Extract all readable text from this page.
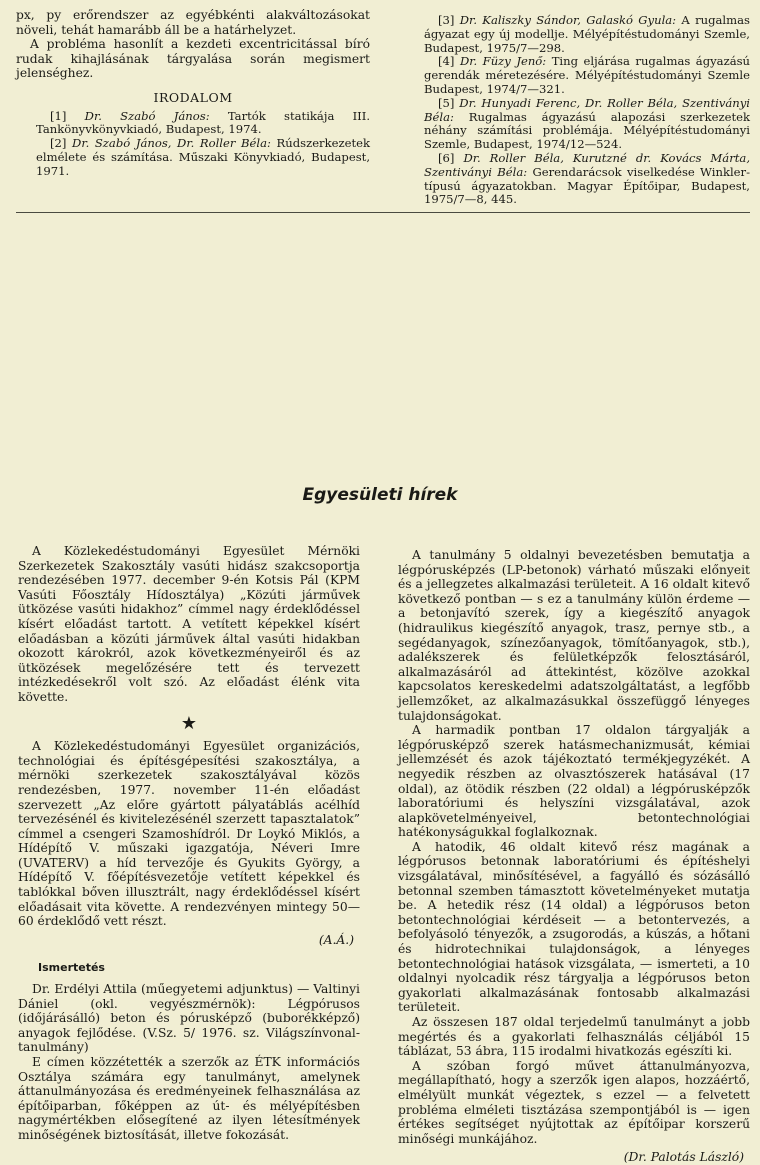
px, py erőrendszer az egyébkénti alakváltozásokat növeli, tehát hamarább áll be a határhelyzet.

A probléma hasonlít a kezdeti excentricitással bíró rudak kihajlásának tárgyalása során megismert jelenséghez.

IRODALOM

[1] Dr. Szabó János: Tartók statikája III. Tankönyvkönyvkiadó, Budapest, 1974.

[2] Dr. Szabó János, Dr. Roller Béla: Rúdszerkezetek elmélete és számítása. Műszaki Könyvkiadó, Budapest, 1971.

[3] Dr. Kaliszky Sándor, Galaskó Gyula: A rugalmas ágyazat egy új modellje. Mélyépítéstudományi Szemle, Budapest, 1975/7—298.

[4] Dr. Füzy Jenő: Ting eljárása rugalmas ágyazású gerendák méretezésére. Mélyépítéstudományi Szemle Budapest, 1974/7—321.

[5] Dr. Hunyadi Ferenc, Dr. Roller Béla, Szentiványi Béla: Rugalmas ágyazású alapozási szerkezetek néhány számítási problémája. Mélyépítéstudományi Szemle, Budapest, 1974/12—524.

[6] Dr. Roller Béla, Kurutzné dr. Kovács Márta, Szentiványi Béla: Gerendarácsok viselkedése Winkler-típusú ágyazatokban. Magyar Építőipar, Budapest, 1975/7—8, 445.

Egyesületi hírek

A Közlekedéstudományi Egyesület Mérnöki Szerkezetek Szakosztály vasúti hidász szakcsoportja rendezésében 1977. december 9-én Kotsis Pál (KPM Vasúti Főosztály Hídosztálya) „Közúti járművek ütközése vasúti hidakhoz” címmel nagy érdeklődéssel kísért előadást tartott. A vetített képekkel kísért előadásban a közúti járművek által vasúti hidakban okozott károkról, azok következményeiről és az ütközések megelőzésére tett és tervezett intézkedésekről volt szó. Az előadást élénk vita követte.

★

A Közlekedéstudományi Egyesület organizációs, technológiai és építésgépesítési szakosztálya, a mérnöki szerkezetek szakosztályával közös rendezésben, 1977. november 11-én előadást szervezett „Az előre gyártott pályatáblás acélhíd tervezésénél és kivitelezésénél szerzett tapasztalatok” címmel a csengeri Szamoshídról. Dr Loykó Miklós, a Hídépítő V. műszaki igazgatója, Néveri Imre (UVATERV) a híd tervezője és Gyukits György, a Hídépítő V. főépítésvezetője vetített képekkel és tablókkal bőven illusztrált, nagy érdeklődéssel kísért előadásait vita követte. A rendezvényen mintegy 50—60 érdeklődő vett részt.

(A.Á.)
Ismertetés

Dr. Erdélyi Attila (műegyetemi adjunktus) — Valtinyi Dániel (okl. vegyészmérnök): Légpórusos (időjárásálló) beton és pórusképző (buborékképző) anyagok fejlődése. (V.Sz. 5/ 1976. sz. Világszínvonal-tanulmány)

E címen közzétették a szerzők az ÉTK információs Osztálya számára egy tanulmányt, amelynek áttanulmányozása és eredményeinek felhasználása az építőiparban, főképpen az út- és mélyépítésben nagymértékben elősegítené az ilyen létesítmények minőségének biztosítását, illetve fokozását.

A tanulmány 5 oldalnyi bevezetésben bemutatja a légpórusképzés (LP-betonok) várható műszaki előnyeit és a jellegzetes alkalmazási területeit. A 16 oldalt kitevő következő pontban — s ez a tanulmány külön érdeme — a betonjavító szerek, így a kiegészítő anyagok (hidraulikus kiegészítő anyagok, trasz, pernye stb., a segédanyagok, színezőanyagok, tömítőanyagok, stb.), adalékszerek és felületképzők felosztásáról, alkalmazásáról ad áttekintést, közölve azokkal kapcsolatos kereskedelmi adatszolgáltatást, a legfőbb jellemzőket, az alkalmazásukkal összefüggő lényeges tulajdonságokat.

A harmadik pontban 17 oldalon tárgyalják a légpórusképző szerek hatásmechanizmusát, kémiai jellemzését és azok tájékoztató termékjegyzékét. A negyedik részben az olvasztószerek hatásával (17 oldal), az ötödik részben (22 oldal) a légpórusképzők laboratóriumi és helyszíni vizsgálatával, azok alapkövetelményeivel, betontechnológiai hatékonyságukkal foglalkoznak.

A hatodik, 46 oldalt kitevő rész magának a légpórusos betonnak laboratóriumi és építéshelyi vizsgálatával, minősítésével, a fagyálló és sózásálló betonnal szemben támasztott követelményeket mutatja be. A hetedik rész (14 oldal) a légpórusos beton betontechnológiai kérdéseit — a betontervezés, a befolyásoló tényezők, a zsugorodás, a kúszás, a hőtani és hidrotechnikai tulajdonságok, a lényeges betontechnológiai hatások vizsgálata, — ismerteti, a 10 oldalnyi nyolcadik rész tárgyalja a légpórusos beton gyakorlati alkalmazásának fontosabb alkalmazási területeit.

Az összesen 187 oldal terjedelmű tanulmányt a jobb megértés és a gyakorlati felhasználás céljából 15 táblázat, 53 ábra, 115 irodalmi hivatkozás egészíti ki.

A szóban forgó művet áttanulmányozva, megállapítható, hogy a szerzők igen alapos, hozzáértő, elmélyült munkát végeztek, s ezzel — a felvetett probléma elméleti tisztázása szempontjából is — igen értékes segítséget nyújtottak az építőipar korszerű minőségi munkájához.

(Dr. Palotás László)
